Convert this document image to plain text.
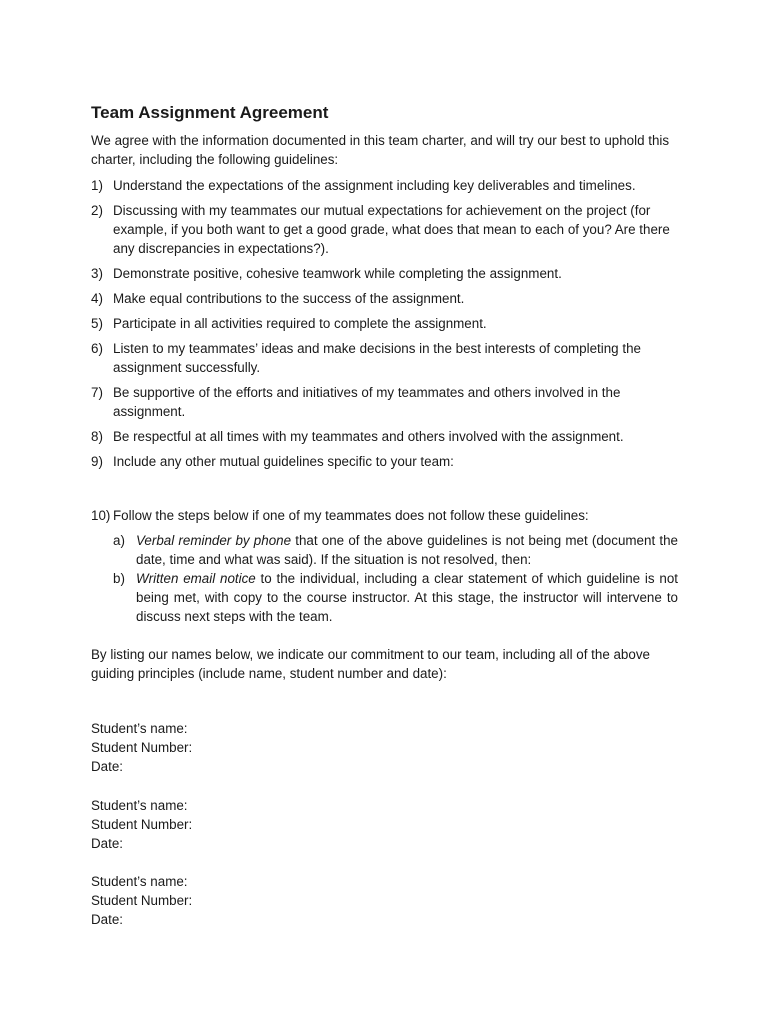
Team Assignment Agreement

We agree with the information documented in this team charter, and will try our best to uphold this charter, including the following guidelines:

1) Understand the expectations of the assignment including key deliverables and timelines.
2) Discussing with my teammates our mutual expectations for achievement on the project (for example, if you both want to get a good grade, what does that mean to each of you? Are there any discrepancies in expectations?).
3) Demonstrate positive, cohesive teamwork while completing the assignment.
4) Make equal contributions to the success of the assignment.
5) Participate in all activities required to complete the assignment.
6) Listen to my teammates’ ideas and make decisions in the best interests of completing the assignment successfully.
7) Be supportive of the efforts and initiatives of my teammates and others involved in the assignment.
8) Be respectful at all times with my teammates and others involved with the assignment.
9) Include any other mutual guidelines specific to your team:

10) Follow the steps below if one of my teammates does not follow these guidelines:

a) Verbal reminder by phone that one of the above guidelines is not being met (document the date, time and what was said). If the situation is not resolved, then:
b) Written email notice to the individual, including a clear statement of which guideline is not being met, with copy to the course instructor. At this stage, the instructor will intervene to discuss next steps with the team.

By listing our names below, we indicate our commitment to our team, including all of the above guiding principles (include name, student number and date):

Student’s name:
Student Number:
Date:
Student’s name:
Student Number:
Date:
Student’s name:
Student Number:
Date:
